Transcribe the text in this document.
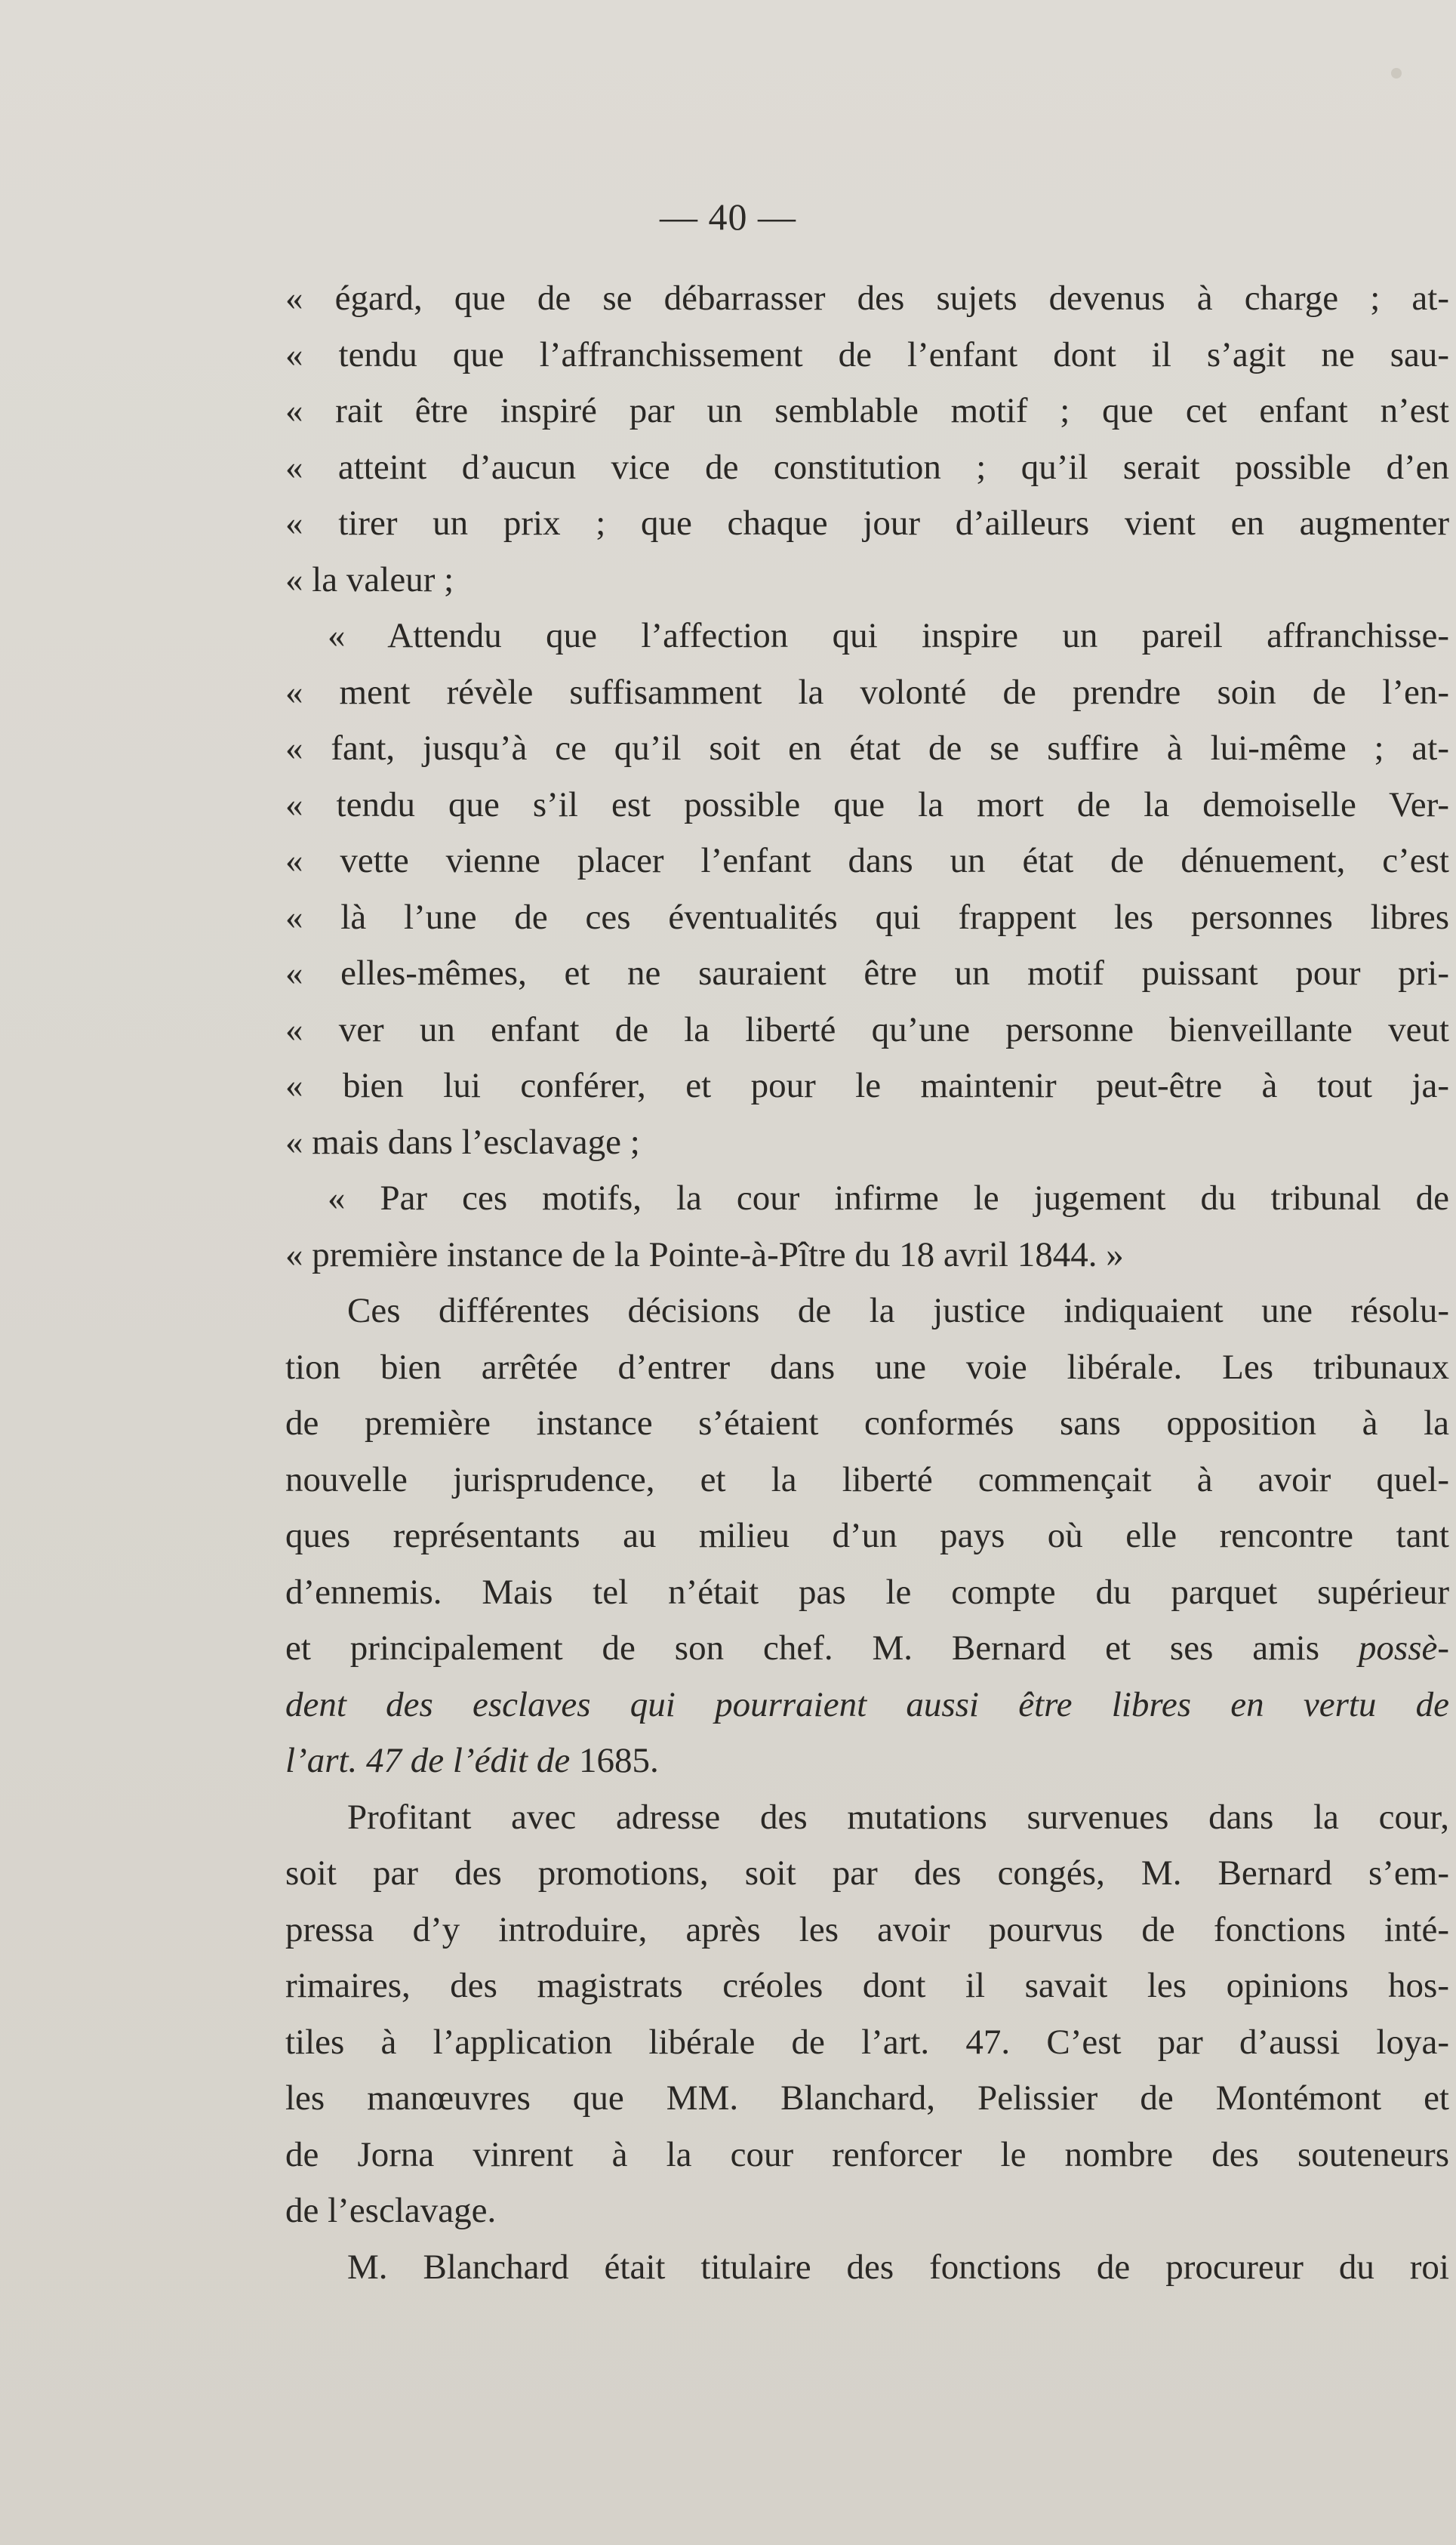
— 40 —
« égard, que de se débarrasser des sujets devenus à charge ; at-
« tendu que l’affranchissement de l’enfant dont il s’agit ne sau-
« rait être inspiré par un semblable motif ; que cet enfant n’est
« atteint d’aucun vice de constitution ; qu’il serait possible d’en
« tirer un prix ; que chaque jour d’ailleurs vient en augmenter
« la valeur ;
« Attendu que l’affection qui inspire un pareil affranchisse-
« ment révèle suffisamment la volonté de prendre soin de l’en-
« fant, jusqu’à ce qu’il soit en état de se suffire à lui-même ; at-
« tendu que s’il est possible que la mort de la demoiselle Ver-
« vette vienne placer l’enfant dans un état de dénuement, c’est
« là l’une de ces éventualités qui frappent les personnes libres
« elles-mêmes, et ne sauraient être un motif puissant pour pri-
« ver un enfant de la liberté qu’une personne bienveillante veut
« bien lui conférer, et pour le maintenir peut-être à tout ja-
« mais dans l’esclavage ;
« Par ces motifs, la cour infirme le jugement du tribunal de
« première instance de la Pointe-à-Pître du 18 avril 1844. »
Ces différentes décisions de la justice indiquaient une résolu-
tion bien arrêtée d’entrer dans une voie libérale. Les tribunaux
de première instance s’étaient conformés sans opposition à la
nouvelle jurisprudence, et la liberté commençait à avoir quel-
ques représentants au milieu d’un pays où elle rencontre tant
d’ennemis. Mais tel n’était pas le compte du parquet supérieur
et principalement de son chef. M. Bernard et ses amis possè-
dent des esclaves qui pourraient aussi être libres en vertu de
l’art. 47 de l’édit de 1685.
Profitant avec adresse des mutations survenues dans la cour,
soit par des promotions, soit par des congés, M. Bernard s’em-
pressa d’y introduire, après les avoir pourvus de fonctions inté-
rimaires, des magistrats créoles dont il savait les opinions hos-
tiles à l’application libérale de l’art. 47. C’est par d’aussi loya-
les manœuvres que MM. Blanchard, Pelissier de Montémont et
de Jorna vinrent à la cour renforcer le nombre des souteneurs
de l’esclavage.
M. Blanchard était titulaire des fonctions de procureur du roi
